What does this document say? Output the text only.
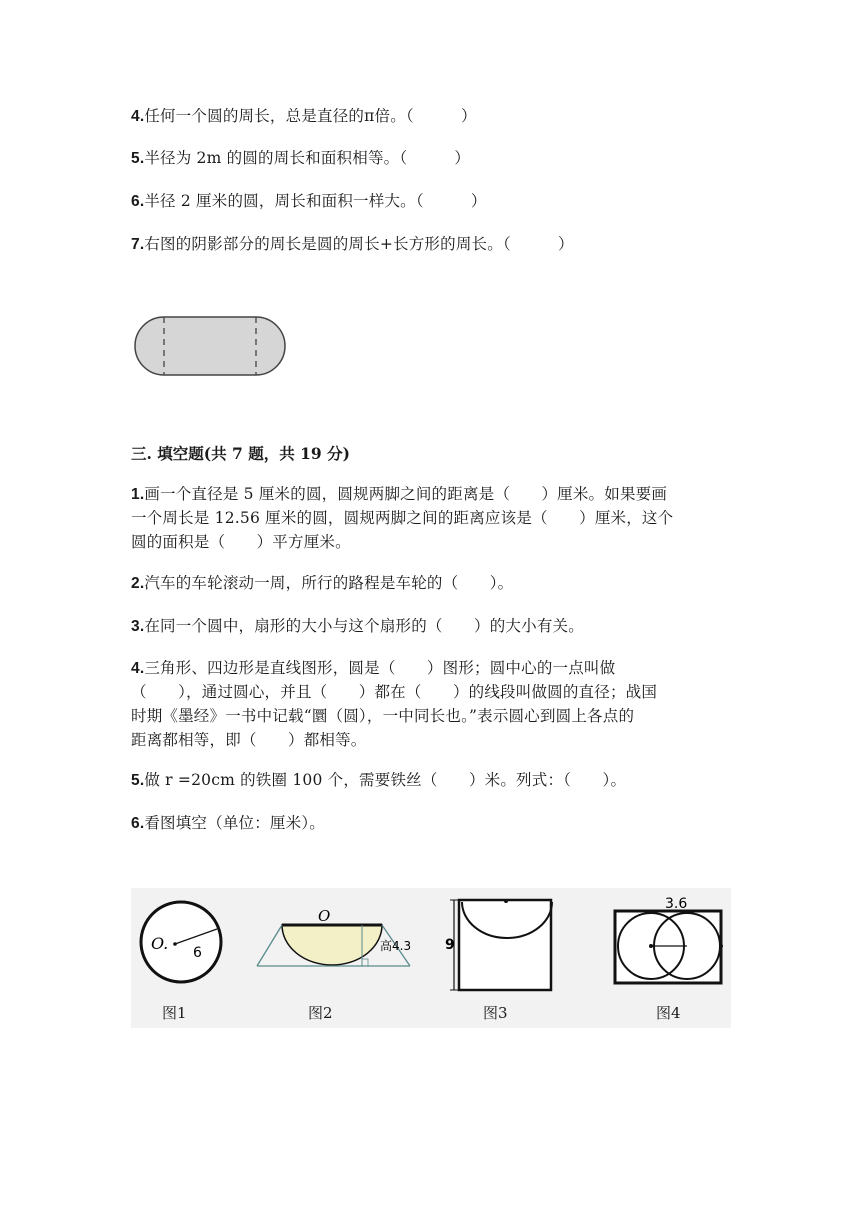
4.任何一个圆的周长，总是直径的π倍。（　　　）
5.半径为 2m 的圆的周长和面积相等。（　　　）
6.半径 2 厘米的圆，周长和面积一样大。（　　　）
7.右图的阴影部分的周长是圆的周长+长方形的周长。（　　　）
三. 填空题(共 7 题，共 19 分)
1.画一个直径是 5 厘米的圆，圆规两脚之间的距离是（　　）厘米。如果要画
一个周长是 12.56 厘米的圆，圆规两脚之间的距离应该是（　　）厘米，这个
圆的面积是（　　）平方厘米。
2.汽车的车轮滚动一周，所行的路程是车轮的（　　）。
3.在同一个圆中，扇形的大小与这个扇形的（　　）的大小有关。
4.三角形、四边形是直线图形，圆是（　　）图形；圆中心的一点叫做
（　　），通过圆心，并且（　　）都在（　　）的线段叫做圆的直径；战国
时期《墨经》一书中记载“圜（圆），一中同长也。”表示圆心到圆上各点的
距离都相等，即（　　）都相等。
5.做 r =20cm 的铁圈 100 个，需要铁丝（　　）米。列式：（　　）。
6.看图填空（单位：厘米）。
O. 6
图1
O
高4.3
图2
9
图3
3.6
图4
